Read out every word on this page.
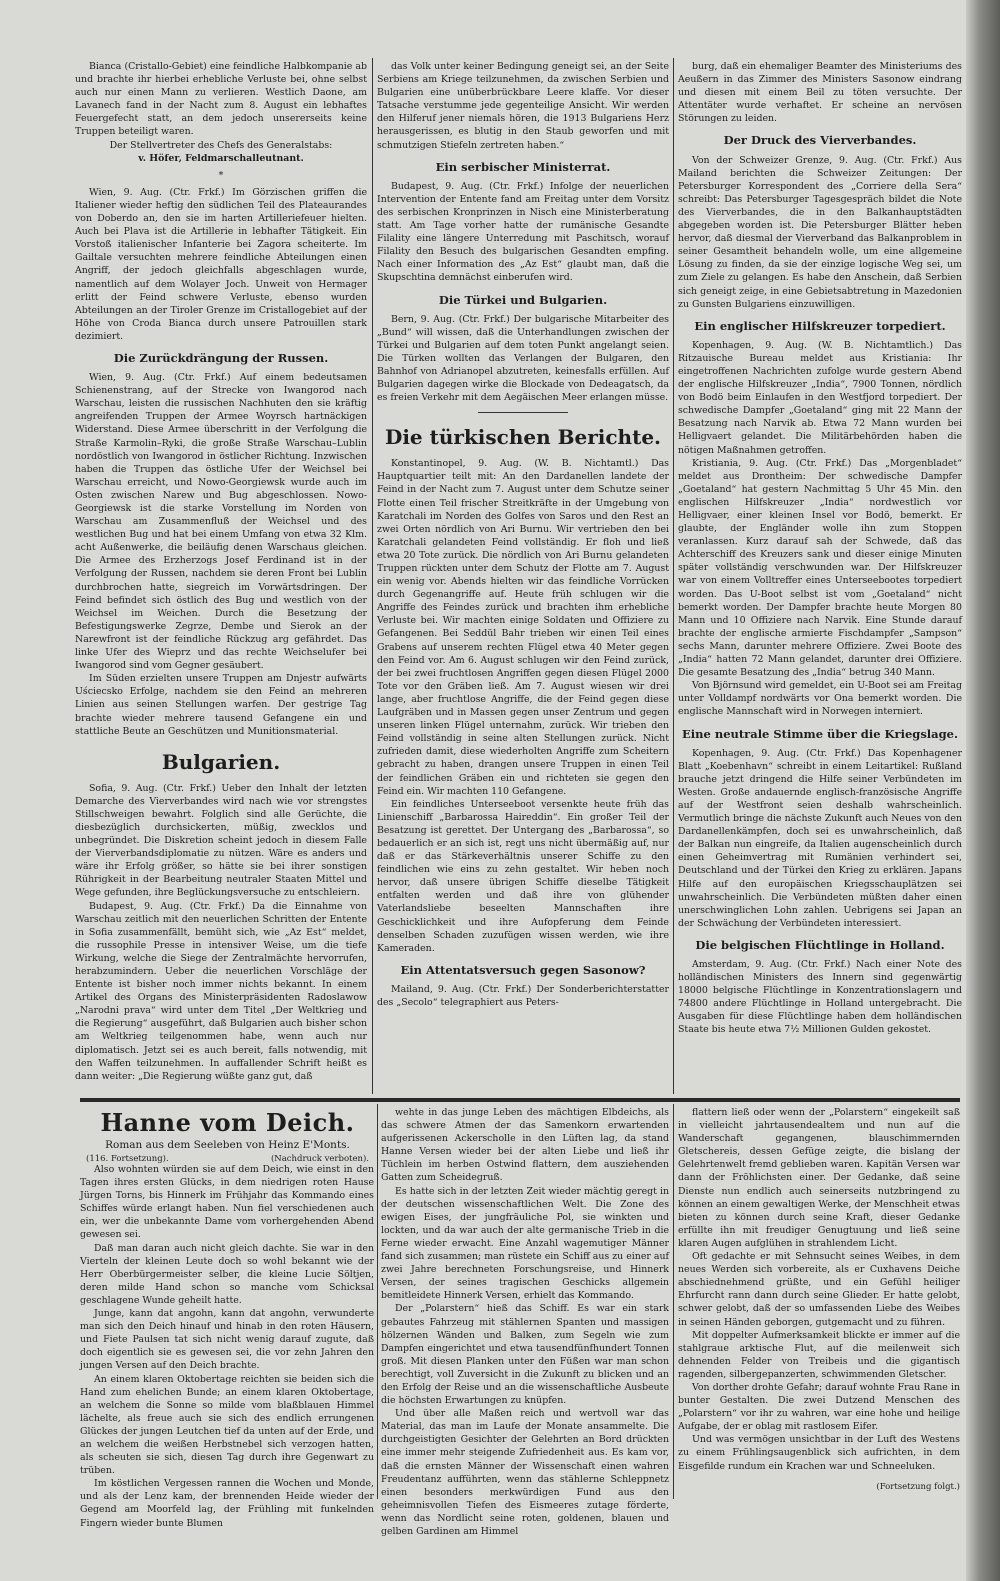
Bianca (Cristallo-Gebiet) eine feindliche Halbkompanie ab und brachte ihr hierbei erhebliche Verluste bei, ohne selbst auch nur einen Mann zu verlieren. Westlich Daone, am Lavanech fand in der Nacht zum 8. August ein lebhaftes Feuergefecht statt, an dem jedoch unsererseits keine Truppen beteiligt waren.

Der Stellvertreter des Chefs des Generalstabs:

v. Höfer, Feldmarschalleutnant.

*

Wien, 9. Aug. (Ctr. Frkf.) Im Görzischen griffen die Italiener wieder heftig den südlichen Teil des Plateaurandes von Doberdo an, den sie im harten Artilleriefeuer hielten. Auch bei Plava ist die Artillerie in lebhafter Tätigkeit. Ein Vorstoß italienischer Infanterie bei Zagora scheiterte. Im Gailtale versuchten mehrere feindliche Abteilungen einen Angriff, der jedoch gleichfalls abgeschlagen wurde, namentlich auf dem Wolayer Joch. Unweit von Hermager erlitt der Feind schwere Verluste, ebenso wurden Abteilungen an der Tiroler Grenze im Cristallogebiet auf der Höhe von Croda Bianca durch unsere Patrouillen stark dezimiert.

Die Zurückdrängung der Russen.

Wien, 9. Aug. (Ctr. Frkf.) Auf einem bedeutsamen Schienenstrang, auf der Strecke von Iwangorod nach Warschau, leisten die russischen Nachhuten den sie kräftig angreifenden Truppen der Armee Woyrsch hartnäckigen Widerstand. Diese Armee überschritt in der Verfolgung die Straße Karmolin–Ryki, die große Straße Warschau–Lublin nordöstlich von Iwangorod in östlicher Richtung. Inzwischen haben die Truppen das östliche Ufer der Weichsel bei Warschau erreicht, und Nowo-Georgiewsk wurde auch im Osten zwischen Narew und Bug abgeschlossen. Nowo-Georgiewsk ist die starke Vorstellung im Norden von Warschau am Zusammenfluß der Weichsel und des westlichen Bug und hat bei einem Umfang von etwa 32 Klm. acht Außenwerke, die beiläufig denen Warschaus gleichen. Die Armee des Erzherzogs Josef Ferdinand ist in der Verfolgung der Russen, nachdem sie deren Front bei Lublin durchbrochen hatte, siegreich im Vorwärtsdringen. Der Feind befindet sich östlich des Bug und westlich von der Weichsel im Weichen. Durch die Besetzung der Befestigungswerke Zegrze, Dembe und Sierok an der Narewfront ist der feindliche Rückzug arg gefährdet. Das linke Ufer des Wieprz und das rechte Weichselufer bei Iwangorod sind vom Gegner gesäubert.

Im Süden erzielten unsere Truppen am Dnjestr aufwärts Uściecsko Erfolge, nachdem sie den Feind an mehreren Linien aus seinen Stellungen warfen. Der gestrige Tag brachte wieder mehrere tausend Gefangene ein und stattliche Beute an Geschützen und Munitionsmaterial.

Bulgarien.

Sofia, 9. Aug. (Ctr. Frkf.) Ueber den Inhalt der letzten Demarche des Vierverbandes wird nach wie vor strengstes Stillschweigen bewahrt. Folglich sind alle Gerüchte, die diesbezüglich durchsickerten, müßig, zwecklos und unbegründet. Die Diskretion scheint jedoch in diesem Falle der Vierverbandsdiplomatie zu nützen. Wäre es anders und wäre ihr Erfolg größer, so hätte sie bei ihrer sonstigen Rührigkeit in der Bearbeitung neutraler Staaten Mittel und Wege gefunden, ihre Beglückungsversuche zu entschleiern.

Budapest, 9. Aug. (Ctr. Frkf.) Da die Einnahme von Warschau zeitlich mit den neuerlichen Schritten der Entente in Sofia zusammenfällt, bemüht sich, wie „Az Est“ meldet, die russophile Presse in intensiver Weise, um die tiefe Wirkung, welche die Siege der Zentralmächte hervorrufen, herabzumindern. Ueber die neuerlichen Vorschläge der Entente ist bisher noch immer nichts bekannt. In einem Artikel des Organs des Ministerpräsidenten Radoslawow „Narodni prava“ wird unter dem Titel „Der Weltkrieg und die Regierung“ ausgeführt, daß Bulgarien auch bisher schon am Weltkrieg teilgenommen habe, wenn auch nur diplomatisch. Jetzt sei es auch bereit, falls notwendig, mit den Waffen teilzunehmen. In auffallender Schrift heißt es dann weiter: „Die Regierung wüßte ganz gut, daß

das Volk unter keiner Bedingung geneigt sei, an der Seite Serbiens am Kriege teilzunehmen, da zwischen Serbien und Bulgarien eine unüberbrückbare Leere klaffe. Vor dieser Tatsache verstumme jede gegenteilige Ansicht. Wir werden den Hilferuf jener niemals hören, die 1913 Bulgariens Herz herausgerissen, es blutig in den Staub geworfen und mit schmutzigen Stiefeln zertreten haben.“

Ein serbischer Ministerrat.

Budapest, 9. Aug. (Ctr. Frkf.) Infolge der neuerlichen Intervention der Entente fand am Freitag unter dem Vorsitz des serbischen Kronprinzen in Nisch eine Ministerberatung statt. Am Tage vorher hatte der rumänische Gesandte Filality eine längere Unterredung mit Paschitsch, worauf Filality den Besuch des bulgarischen Gesandten empfing. Nach einer Information des „Az Est“ glaubt man, daß die Skupschtina demnächst einberufen wird.

Die Türkei und Bulgarien.

Bern, 9. Aug. (Ctr. Frkf.) Der bulgarische Mitarbeiter des „Bund“ will wissen, daß die Unterhandlungen zwischen der Türkei und Bulgarien auf dem toten Punkt angelangt seien. Die Türken wollten das Verlangen der Bulgaren, den Bahnhof von Adrianopel abzutreten, keinesfalls erfüllen. Auf Bulgarien dagegen wirke die Blockade von Dedeagatsch, da es freien Verkehr mit dem Aegäischen Meer erlangen müsse.

Die türkischen Berichte.

Konstantinopel, 9. Aug. (W. B. Nichtamtl.) Das Hauptquartier teilt mit: An den Dardanellen landete der Feind in der Nacht zum 7. August unter dem Schutze seiner Flotte einen Teil frischer Streitkräfte in der Umgebung von Karatchali im Norden des Golfes von Saros und den Rest an zwei Orten nördlich von Ari Burnu. Wir vertrieben den bei Karatchali gelandeten Feind vollständig. Er floh und ließ etwa 20 Tote zurück. Die nördlich von Ari Burnu gelandeten Truppen rückten unter dem Schutz der Flotte am 7. August ein wenig vor. Abends hielten wir das feindliche Vorrücken durch Gegenangriffe auf. Heute früh schlugen wir die Angriffe des Feindes zurück und brachten ihm erhebliche Verluste bei. Wir machten einige Soldaten und Offiziere zu Gefangenen. Bei Seddül Bahr trieben wir einen Teil eines Grabens auf unserem rechten Flügel etwa 40 Meter gegen den Feind vor. Am 6. August schlugen wir den Feind zurück, der bei zwei fruchtlosen Angriffen gegen diesen Flügel 2000 Tote vor den Gräben ließ. Am 7. August wiesen wir drei lange, aber fruchtlose Angriffe, die der Feind gegen diese Laufgräben und in Massen gegen unser Zentrum und gegen unseren linken Flügel unternahm, zurück. Wir trieben den Feind vollständig in seine alten Stellungen zurück. Nicht zufrieden damit, diese wiederholten Angriffe zum Scheitern gebracht zu haben, drangen unsere Truppen in einen Teil der feindlichen Gräben ein und richteten sie gegen den Feind ein. Wir machten 110 Gefangene.

Ein feindliches Unterseeboot versenkte heute früh das Linienschiff „Barbarossa Haireddin“. Ein großer Teil der Besatzung ist gerettet. Der Untergang des „Barbarossa“, so bedauerlich er an sich ist, regt uns nicht übermäßig auf, nur daß er das Stärkeverhältnis unserer Schiffe zu den feindlichen wie eins zu zehn gestaltet. Wir heben noch hervor, daß unsere übrigen Schiffe dieselbe Tätigkeit entfalten werden und daß ihre von glühender Vaterlandsliebe beseelten Mannschaften ihre Geschicklichkeit und ihre Aufopferung dem Feinde denselben Schaden zuzufügen wissen werden, wie ihre Kameraden.

Ein Attentatsversuch gegen Sasonow?

Mailand, 9. Aug. (Ctr. Frkf.) Der Sonderberichterstatter des „Secolo“ telegraphiert aus Peters-

burg, daß ein ehemaliger Beamter des Ministeriums des Aeußern in das Zimmer des Ministers Sasonow eindrang und diesen mit einem Beil zu töten versuchte. Der Attentäter wurde verhaftet. Er scheine an nervösen Störungen zu leiden.

Der Druck des Vierverbandes.

Von der Schweizer Grenze, 9. Aug. (Ctr. Frkf.) Aus Mailand berichten die Schweizer Zeitungen: Der Petersburger Korrespondent des „Corriere della Sera“ schreibt: Das Petersburger Tagesgespräch bildet die Note des Vierverbandes, die in den Balkanhauptstädten abgegeben worden ist. Die Petersburger Blätter heben hervor, daß diesmal der Vierverband das Balkanproblem in seiner Gesamtheit behandeln wolle, um eine allgemeine Lösung zu finden, da sie der einzige logische Weg sei, um zum Ziele zu gelangen. Es habe den Anschein, daß Serbien sich geneigt zeige, in eine Gebietsabtretung in Mazedonien zu Gunsten Bulgariens einzuwilligen.

Ein englischer Hilfskreuzer torpediert.

Kopenhagen, 9. Aug. (W. B. Nichtamtlich.) Das Ritzauische Bureau meldet aus Kristiania: Ihr eingetroffenen Nachrichten zufolge wurde gestern Abend der englische Hilfskreuzer „India“, 7900 Tonnen, nördlich von Bodö beim Einlaufen in den Westfjord torpediert. Der schwedische Dampfer „Goetaland“ ging mit 22 Mann der Besatzung nach Narvik ab. Etwa 72 Mann wurden bei Helligvaert gelandet. Die Militärbehörden haben die nötigen Maßnahmen getroffen.

Kristiania, 9. Aug. (Ctr. Frkf.) Das „Morgenbladet“ meldet aus Drontheim: Der schwedische Dampfer „Goetaland“ hat gestern Nachmittag 5 Uhr 45 Min. den englischen Hilfskreuzer „India“ nordwestlich vor Helligvaer, einer kleinen Insel vor Bodö, bemerkt. Er glaubte, der Engländer wolle ihn zum Stoppen veranlassen. Kurz darauf sah der Schwede, daß das Achterschiff des Kreuzers sank und dieser einige Minuten später vollständig verschwunden war. Der Hilfskreuzer war von einem Volltreffer eines Unterseebootes torpediert worden. Das U-Boot selbst ist vom „Goetaland“ nicht bemerkt worden. Der Dampfer brachte heute Morgen 80 Mann und 10 Offiziere nach Narvik. Eine Stunde darauf brachte der englische armierte Fischdampfer „Sampson“ sechs Mann, darunter mehrere Offiziere. Zwei Boote des „India“ hatten 72 Mann gelandet, darunter drei Offiziere. Die gesamte Besatzung des „India“ betrug 340 Mann.

Von Björnsund wird gemeldet, ein U-Boot sei am Freitag unter Volldampf nordwärts vor Ona bemerkt worden. Die englische Mannschaft wird in Norwegen interniert.

Eine neutrale Stimme über die Kriegslage.

Kopenhagen, 9. Aug. (Ctr. Frkf.) Das Kopenhagener Blatt „Koebenhavn“ schreibt in einem Leitartikel: Rußland brauche jetzt dringend die Hilfe seiner Verbündeten im Westen. Große andauernde englisch-französische Angriffe auf der Westfront seien deshalb wahrscheinlich. Vermutlich bringe die nächste Zukunft auch Neues von den Dardanellenkämpfen, doch sei es unwahrscheinlich, daß der Balkan nun eingreife, da Italien augenscheinlich durch einen Geheimvertrag mit Rumänien verhindert sei, Deutschland und der Türkei den Krieg zu erklären. Japans Hilfe auf den europäischen Kriegsschauplätzen sei unwahrscheinlich. Die Verbündeten müßten daher einen unerschwinglichen Lohn zahlen. Uebrigens sei Japan an der Schwächung der Verbündeten interessiert.

Die belgischen Flüchtlinge in Holland.

Amsterdam, 9. Aug. (Ctr. Frkf.) Nach einer Note des holländischen Ministers des Innern sind gegenwärtig 18000 belgische Flüchtlinge in Konzentrationslagern und 74800 andere Flüchtlinge in Holland untergebracht. Die Ausgaben für diese Flüchtlinge haben dem holländischen Staate bis heute etwa 7½ Millionen Gulden gekostet.

Hanne vom Deich.
Roman aus dem Seeleben von Heinz E'Monts.
(116. Fortsetzung).	(Nachdruck verboten).

Also wohnten würden sie auf dem Deich, wie einst in den Tagen ihres ersten Glücks, in dem niedrigen roten Hause Jürgen Torns, bis Hinnerk im Frühjahr das Kommando eines Schiffes würde erlangt haben. Nun fiel verschiedenen auch ein, wer die unbekannte Dame vom vorhergehenden Abend gewesen sei.

Daß man daran auch nicht gleich dachte. Sie war in den Vierteln der kleinen Leute doch so wohl bekannt wie der Herr Oberbürgermeister selber, die kleine Lucie Söltjen, deren milde Hand schon so manche vom Schicksal geschlagene Wunde geheilt hatte.

Junge, kann dat angohn, kann dat angohn, verwunderte man sich den Deich hinauf und hinab in den roten Häusern, und Fiete Paulsen tat sich nicht wenig darauf zugute, daß doch eigentlich sie es gewesen sei, die vor zehn Jahren den jungen Versen auf den Deich brachte.

An einem klaren Oktobertage reichten sie beiden sich die Hand zum ehelichen Bunde; an einem klaren Oktobertage, an welchem die Sonne so milde vom blaßblauen Himmel lächelte, als freue auch sie sich des endlich errungenen Glückes der jungen Leutchen tief da unten auf der Erde, und an welchem die weißen Herbstnebel sich verzogen hatten, als scheuten sie sich, diesen Tag durch ihre Gegenwart zu trüben.

Im köstlichen Vergessen rannen die Wochen und Monde, und als der Lenz kam, der brennenden Heide wieder der Gegend am Moorfeld lag, der Frühling mit funkelnden Fingern wieder bunte Blumen

wehte in das junge Leben des mächtigen Elbdeichs, als das schwere Atmen der das Samenkorn erwartenden aufgerissenen Ackerscholle in den Lüften lag, da stand Hanne Versen wieder bei der alten Liebe und ließ ihr Tüchlein im herben Ostwind flattern, dem ausziehenden Gatten zum Scheidegruß.

Es hatte sich in der letzten Zeit wieder mächtig geregt in der deutschen wissenschaftlichen Welt. Die Zone des ewigen Eises, der jungfräuliche Pol, sie winkten und lockten, und da war auch der alte germanische Trieb in die Ferne wieder erwacht. Eine Anzahl wagemutiger Männer fand sich zusammen; man rüstete ein Schiff aus zu einer auf zwei Jahre berechneten Forschungsreise, und Hinnerk Versen, der seines tragischen Geschicks allgemein bemitleidete Hinnerk Versen, erhielt das Kommando.

Der „Polarstern“ hieß das Schiff. Es war ein stark gebautes Fahrzeug mit stählernen Spanten und massigen hölzernen Wänden und Balken, zum Segeln wie zum Dampfen eingerichtet und etwa tausendfünfhundert Tonnen groß. Mit diesen Planken unter den Füßen war man schon berechtigt, voll Zuversicht in die Zukunft zu blicken und an den Erfolg der Reise und an die wissenschaftliche Ausbeute die höchsten Erwartungen zu knüpfen.

Und über alle Maßen reich und wertvoll war das Material, das man im Laufe der Monate ansammelte. Die durchgeistigten Gesichter der Gelehrten an Bord drückten eine immer mehr steigende Zufriedenheit aus. Es kam vor, daß die ernsten Männer der Wissenschaft einen wahren Freudentanz aufführten, wenn das stählerne Schleppnetz einen besonders merkwürdigen Fund aus den geheimnisvollen Tiefen des Eismeeres zutage förderte, wenn das Nordlicht seine roten, goldenen, blauen und gelben Gardinen am Himmel

flattern ließ oder wenn der „Polarstern“ eingekeilt saß in vielleicht jahrtausendealtem und nun auf die Wanderschaft gegangenen, blauschimmernden Gletschereis, dessen Gefüge zeigte, die bislang der Gelehrtenwelt fremd geblieben waren. Kapitän Versen war dann der Fröhlichsten einer. Der Gedanke, daß seine Dienste nun endlich auch seinerseits nutzbringend zu können an einem gewaltigen Werke, der Menschheit etwas bieten zu können durch seine Kraft, dieser Gedanke erfüllte ihn mit freudiger Genugtuung und ließ seine klaren Augen aufglühen in strahlendem Licht.

Oft gedachte er mit Sehnsucht seines Weibes, in dem neues Werden sich vorbereite, als er Cuxhavens Deiche abschiednehmend grüßte, und ein Gefühl heiliger Ehrfurcht rann dann durch seine Glieder. Er hatte gelobt, schwer gelobt, daß der so umfassenden Liebe des Weibes in seinen Händen geborgen, gutgemacht und zu führen.

Mit doppelter Aufmerksamkeit blickte er immer auf die stahlgraue arktische Flut, auf die meilenweit sich dehnenden Felder von Treibeis und die gigantisch ragenden, silbergepanzerten, schwimmenden Gletscher.

Von dorther drohte Gefahr; darauf wohnte Frau Rane in bunter Gestalten. Die zwei Dutzend Menschen des „Polarstern“ vor ihr zu wahren, war eine hohe und heilige Aufgabe, der er oblag mit rastlosem Eifer.

Und was vermögen unsichtbar in der Luft des Westens zu einem Frühlingsaugenblick sich aufrichten, in dem Eisgefilde rundum ein Krachen war und Schneeluken.

(Fortsetzung folgt.)
